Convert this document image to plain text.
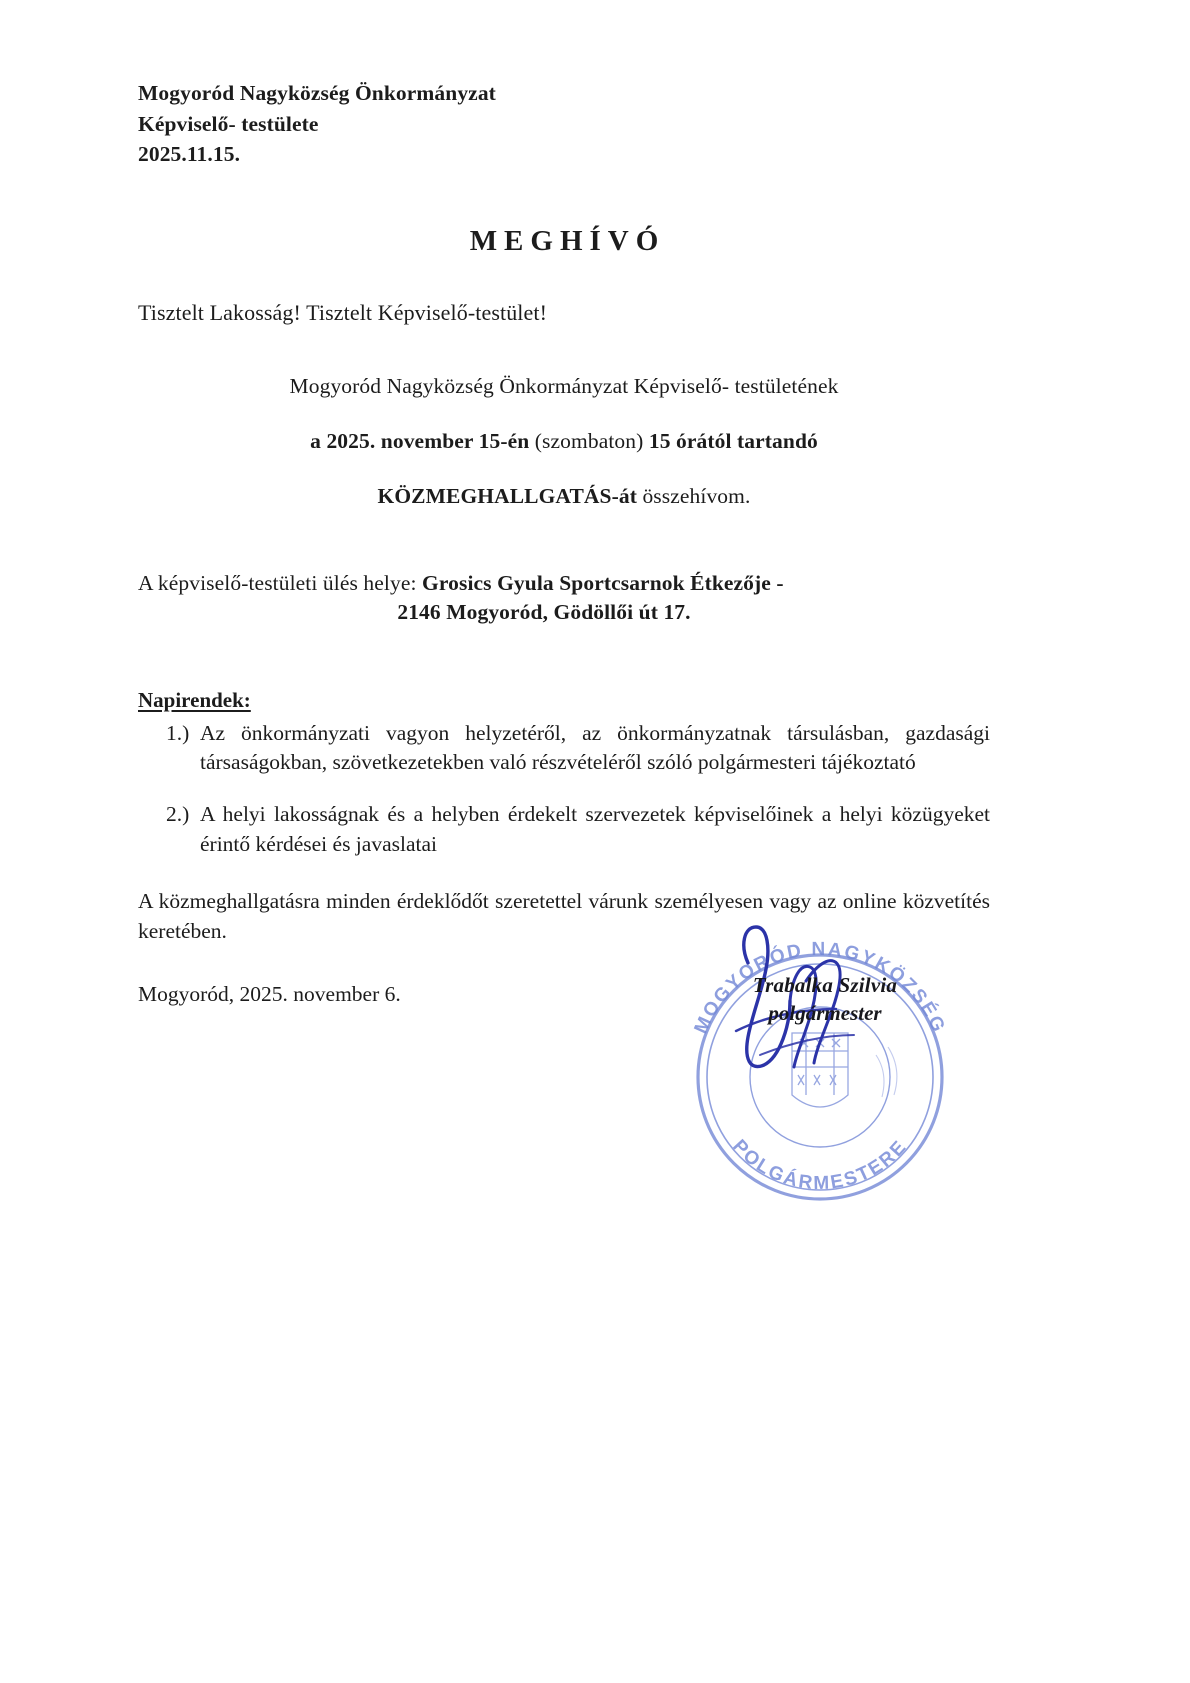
Mogyoród Nagyközség Önkormányzat
Képviselő- testülete
2025.11.15.
MEGHÍVÓ
Tisztelt Lakosság! Tisztelt Képviselő-testület!
Mogyoród Nagyközség Önkormányzat Képviselő- testületének
a 2025. november 15-én (szombaton) 15 órától tartandó
KÖZMEGHALLGATÁS-át összehívom.
A képviselő-testületi ülés helye: Grosics Gyula Sportcsarnok Étkezője -
2146 Mogyoród, Gödöllői út 17.
Napirendek:
1.) Az önkormányzati vagyon helyzetéről, az önkormányzatnak társulásban, gazdasági társaságokban, szövetkezetekben való részvételéről szóló polgármesteri tájékoztató
2.) A helyi lakosságnak és a helyben érdekelt szervezetek képviselőinek a helyi közügyeket érintő kérdései és javaslatai
A közmeghallgatásra minden érdeklődőt szeretettel várunk személyesen vagy az online közvetítés keretében.
Mogyoród, 2025. november 6.
MOGYORÓD NAGYKÖZSÉG
POLGÁRMESTERE
Trabalka Szilvia
polgármester
